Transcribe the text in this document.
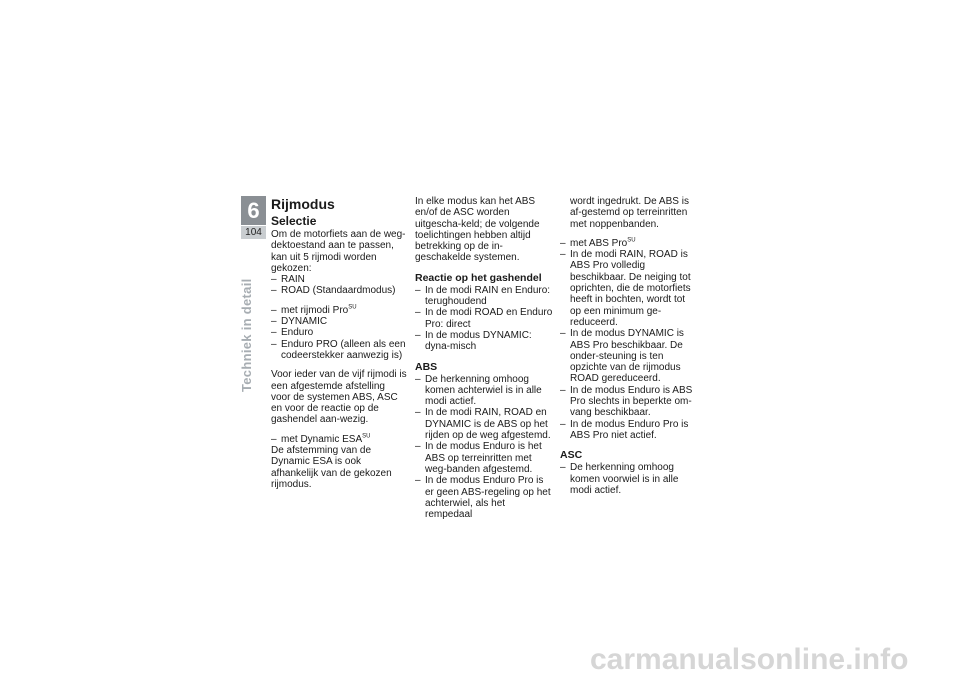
6
104
Techniek in detail
Rijmodus
Selectie

Om de motorfiets aan de weg-dektoestand aan te passen, kan uit 5 rijmodi worden gekozen:

– RAIN
– ROAD (Standaardmodus)
– met rijmodi Pro$^{SU}$
– DYNAMIC
– Enduro
– Enduro PRO (alleen als een codeerstekker aanwezig is)

Voor ieder van de vijf rijmodi is een afgestemde afstelling voor de systemen ABS, ASC en voor de reactie op de gashendel aan-wezig.

– met Dynamic $ESA^{SU}$

De afstemming van de Dynamic ESA is ook afhankelijk van de gekozen rijmodus.

In elke modus kan het ABS en/of de ASC worden uitgescha-keld; de volgende toelichtingen hebben altijd betrekking op de in-geschakelde systemen.

Reactie op het gashendel
– In de modi RAIN en Enduro: terughoudend
– In de modi ROAD en Enduro Pro: direct
– In de modus DYNAMIC: dyna-misch
ABS
– De herkenning omhoog komen achterwiel is in alle modi actief.
– In de modi RAIN, ROAD en DYNAMIC is de ABS op het rijden op de weg afgestemd.
– In de modus Enduro is het ABS op terreinritten met weg-banden afgestemd.
– In de modus Enduro Pro is er geen ABS-regeling op het achterwiel, als het rempedaal

wordt ingedrukt. De ABS is af-gestemd op terreinritten met noppenbanden.

– met ABS Pro$^{SU}$
– In de modi RAIN, ROAD is ABS Pro volledig beschikbaar. De neiging tot oprichten, die de motorfiets heeft in bochten, wordt tot op een minimum ge-reduceerd.
– In de modus DYNAMIC is ABS Pro beschikbaar. De onder-steuning is ten opzichte van de rijmodus ROAD gereduceerd.
– In de modus Enduro is ABS Pro slechts in beperkte om-vang beschikbaar.
– In de modus Enduro Pro is ABS Pro niet actief.
ASC
– De herkenning omhoog komen voorwiel is in alle modi actief.
carmanualsonline.info
